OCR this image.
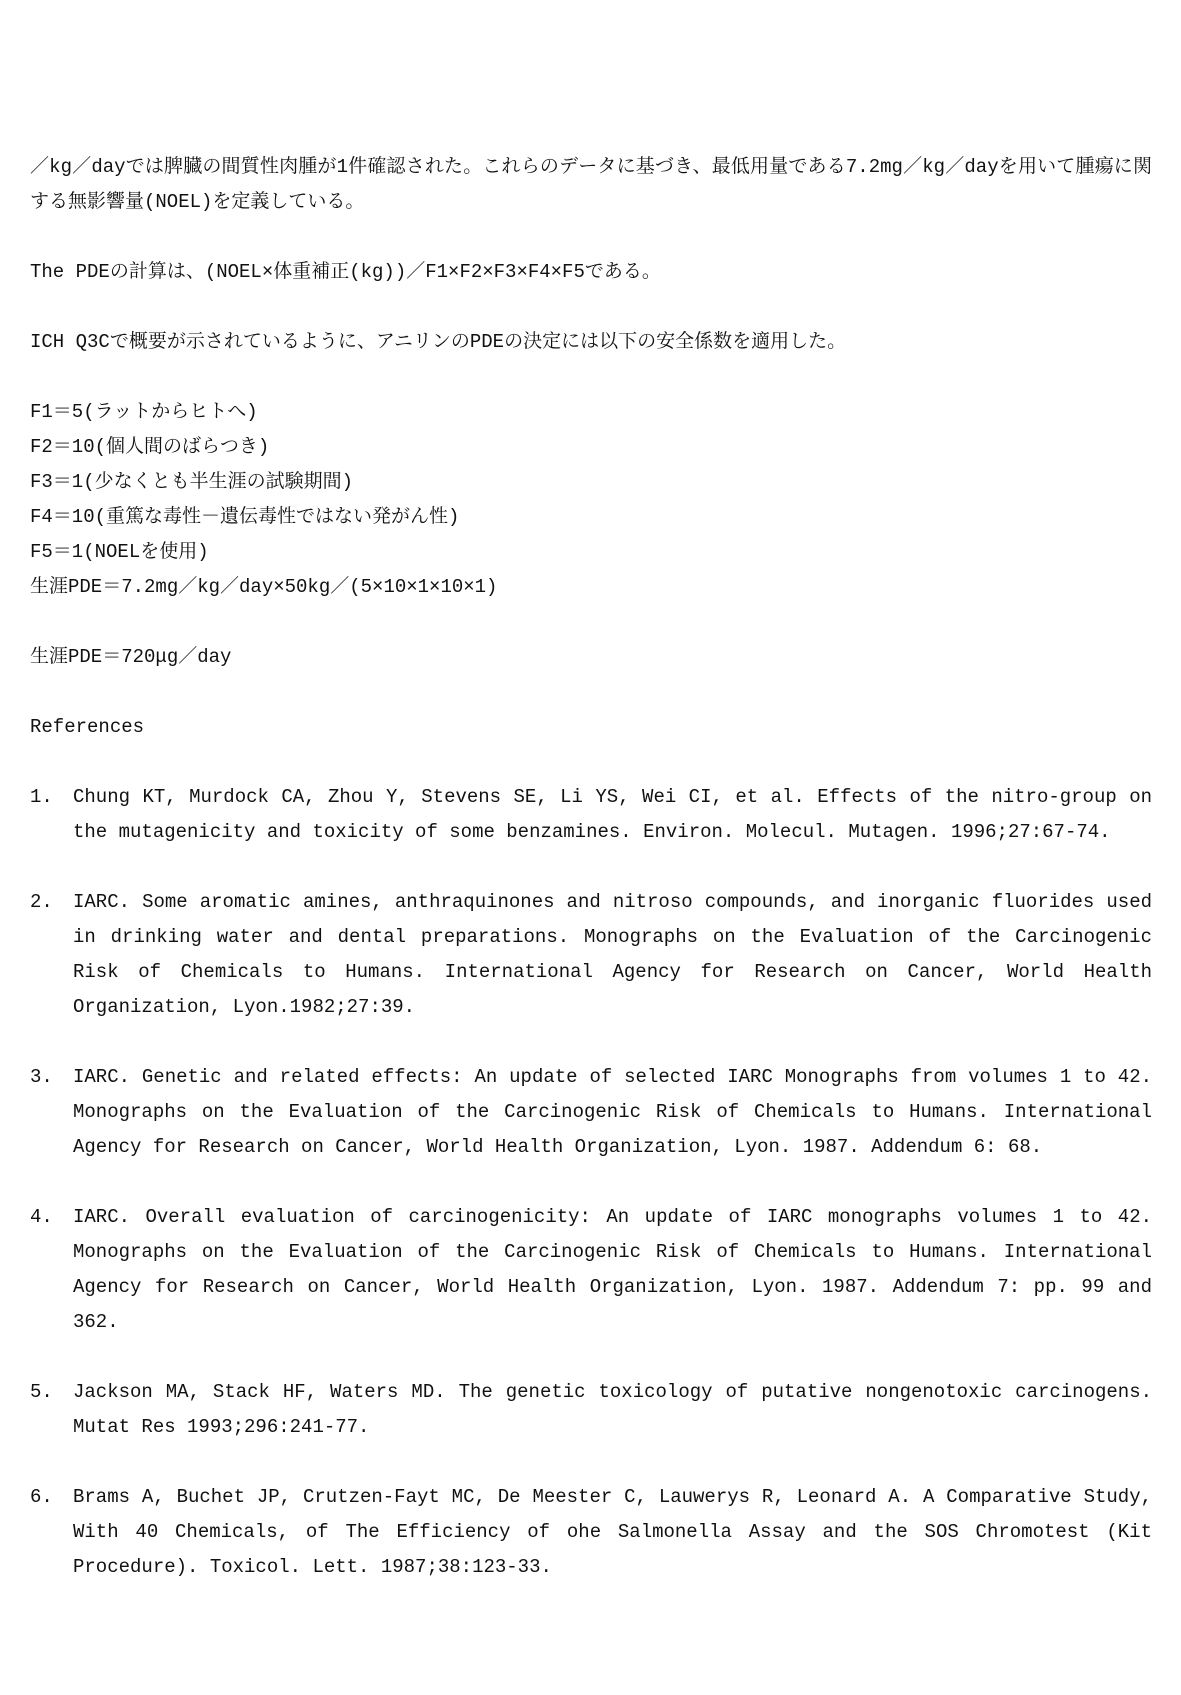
／kg／dayでは脾臓の間質性肉腫が1件確認された。これらのデータに基づき、最低用量である7.2mg／kg／dayを用いて腫瘍に関する無影響量(NOEL)を定義している。

The PDEの計算は、(NOEL×体重補正(kg))／F1×F2×F3×F4×F5である。

ICH Q3Cで概要が示されているように、アニリンのPDEの決定には以下の安全係数を適用した。

F1＝5(ラットからヒトへ)

F2＝10(個人間のばらつき)

F3＝1(少なくとも半生涯の試験期間)

F4＝10(重篤な毒性－遺伝毒性ではない発がん性)

F5＝1(NOELを使用)

生涯PDE＝7.2mg／kg／day×50kg／(5×10×1×10×1)

生涯PDE＝720μg／day

References

1.	Chung KT, Murdock CA, Zhou Y, Stevens SE, Li YS, Wei CI, et al. Effects of the nitro-group on the mutagenicity and toxicity of some benzamines. Environ. Molecul. Mutagen. 1996;27:67-74.
2.	IARC. Some aromatic amines, anthraquinones and nitroso compounds, and inorganic fluorides used in drinking water and dental preparations. Monographs on the Evaluation of the Carcinogenic Risk of Chemicals to Humans. International Agency for Research on Cancer, World Health Organization, Lyon.1982;27:39.
3.	IARC. Genetic and related effects: An update of selected IARC Monographs from volumes 1 to 42. Monographs on the Evaluation of the Carcinogenic Risk of Chemicals to Humans. International Agency for Research on Cancer, World Health Organization, Lyon. 1987. Addendum 6: 68.
4.	IARC. Overall evaluation of carcinogenicity: An update of IARC monographs volumes 1 to 42. Monographs on the Evaluation of the Carcinogenic Risk of Chemicals to Humans. International Agency for Research on Cancer, World Health Organization, Lyon. 1987. Addendum 7: pp. 99 and 362.
5.	Jackson MA, Stack HF, Waters MD. The genetic toxicology of putative nongenotoxic carcinogens. Mutat Res 1993;296:241-77.
6.	Brams A, Buchet JP, Crutzen-Fayt MC, De Meester C, Lauwerys R, Leonard A. A Comparative Study, With 40 Chemicals, of The Efficiency of ohe Salmonella Assay and the SOS Chromotest (Kit Procedure). Toxicol. Lett. 1987;38:123-33.
